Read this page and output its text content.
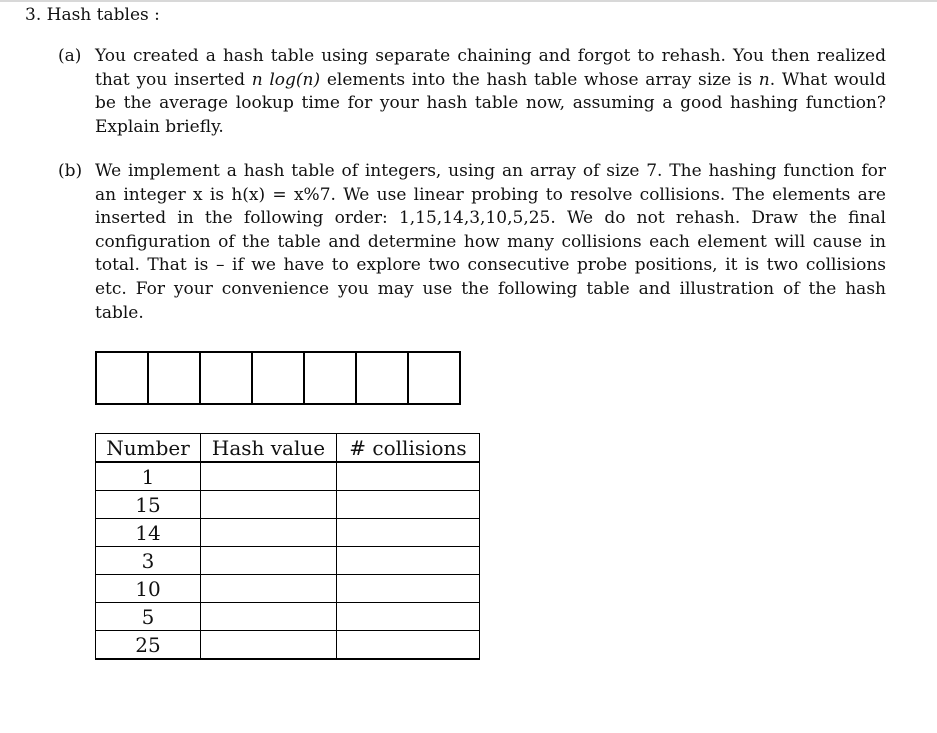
3. Hash tables :
(a) You created a hash table using separate chaining and forgot to rehash. You then realized that you inserted n log(n) elements into the hash table whose array size is n. What would be the average lookup time for your hash table now, assuming a good hashing function? Explain briefly.
(b) We implement a hash table of integers, using an array of size 7. The hashing function for an integer x is h(x) = x%7. We use linear probing to resolve collisions. The elements are inserted in the following order: 1,15,14,3,10,5,25. We do not rehash. Draw the final configuration of the table and determine how many collisions each element will cause in total. That is – if we have to explore two consecutive probe positions, it is two collisions etc. For your convenience you may use the following table and illustration of the hash table.
Number	Hash value	# collisions
1		
15		
14		
3		
10		
5		
25		
